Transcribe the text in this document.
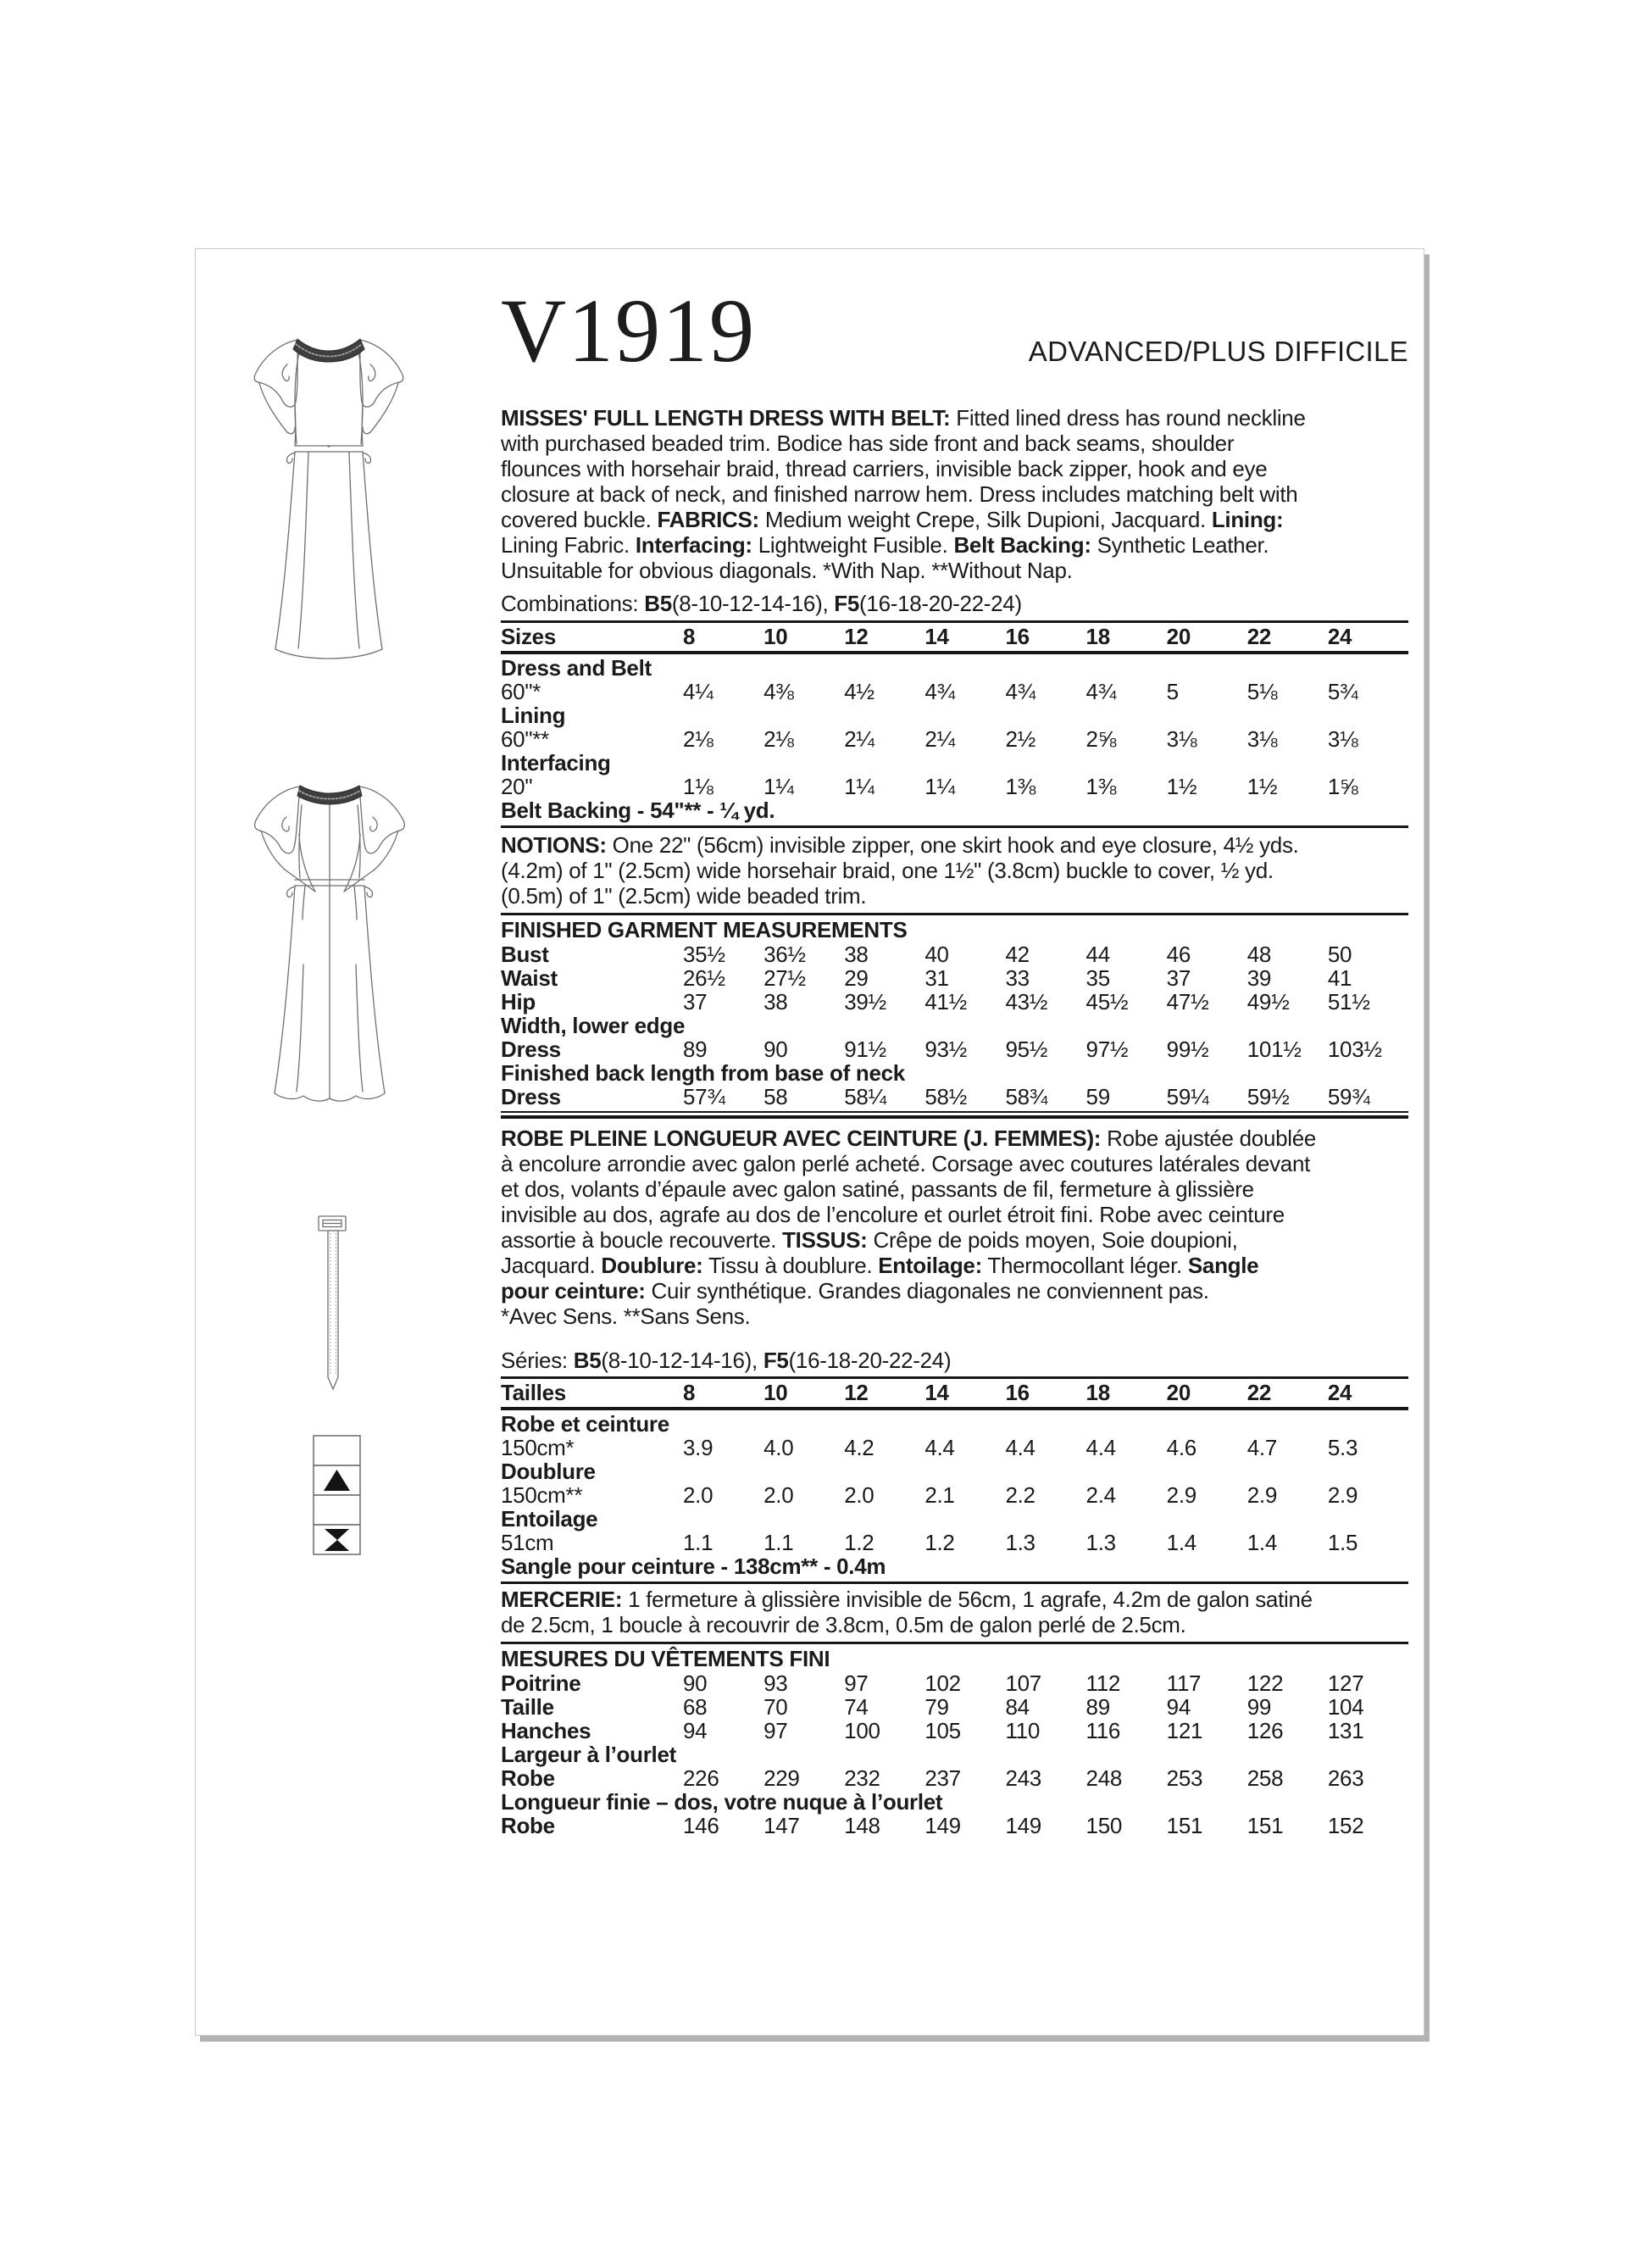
V1919	ADVANCED/PLUS DIFFICILE
MISSES' FULL LENGTH DRESS WITH BELT: Fitted lined dress has round neckline
with purchased beaded trim. Bodice has side front and back seams, shoulder
flounces with horsehair braid, thread carriers, invisible back zipper, hook and eye
closure at back of neck, and finished narrow hem. Dress includes matching belt with
covered buckle. FABRICS: Medium weight Crepe, Silk Dupioni, Jacquard. Lining:
Lining Fabric. Interfacing: Lightweight Fusible. Belt Backing: Synthetic Leather.
Unsuitable for obvious diagonals. *With Nap. **Without Nap.
Combinations: B5(8-10-12-14-16), F5(16-18-20-22-24)
Sizes	8	10	12	14	16	18	20	22	24
Dress and Belt
60"*	4¼	4⅜	4½	4¾	4¾	4¾	5	5⅛	5¾
Lining
60"**	2⅛	2⅛	2¼	2¼	2½	2⅝	3⅛	3⅛	3⅛
Interfacing
20"	1⅛	1¼	1¼	1¼	1⅜	1⅜	1½	1½	1⅝
Belt Backing - 54"** - ¼ yd.
NOTIONS: One 22" (56cm) invisible zipper, one skirt hook and eye closure, 4½ yds.
(4.2m) of 1" (2.5cm) wide horsehair braid, one 1½" (3.8cm) buckle to cover, ½ yd.
(0.5m) of 1" (2.5cm) wide beaded trim.
FINISHED GARMENT MEASUREMENTS
Bust	35½	36½	38	40	42	44	46	48	50
Waist	26½	27½	29	31	33	35	37	39	41
Hip	37	38	39½	41½	43½	45½	47½	49½	51½
Width, lower edge
Dress	89	90	91½	93½	95½	97½	99½	101½	103½
Finished back length from base of neck
Dress	57¾	58	58¼	58½	58¾	59	59¼	59½	59¾
ROBE PLEINE LONGUEUR AVEC CEINTURE (J. FEMMES): Robe ajustée doublée
à encolure arrondie avec galon perlé acheté. Corsage avec coutures latérales devant
et dos, volants d’épaule avec galon satiné, passants de fil, fermeture à glissière
invisible au dos, agrafe au dos de l’encolure et ourlet étroit fini. Robe avec ceinture
assortie à boucle recouverte. TISSUS: Crêpe de poids moyen, Soie doupioni,
Jacquard. Doublure: Tissu à doublure. Entoilage: Thermocollant léger. Sangle
pour ceinture: Cuir synthétique. Grandes diagonales ne conviennent pas.
*Avec Sens. **Sans Sens.
Séries: B5(8-10-12-14-16), F5(16-18-20-22-24)
Tailles	8	10	12	14	16	18	20	22	24
Robe et ceinture
150cm*	3.9	4.0	4.2	4.4	4.4	4.4	4.6	4.7	5.3
Doublure
150cm**	2.0	2.0	2.0	2.1	2.2	2.4	2.9	2.9	2.9
Entoilage
51cm	1.1	1.1	1.2	1.2	1.3	1.3	1.4	1.4	1.5
Sangle pour ceinture - 138cm** - 0.4m
MERCERIE: 1 fermeture à glissière invisible de 56cm, 1 agrafe, 4.2m de galon satiné
de 2.5cm, 1 boucle à recouvrir de 3.8cm, 0.5m de galon perlé de 2.5cm.
MESURES DU VÊTEMENTS FINI
Poitrine	90	93	97	102	107	112	117	122	127
Taille	68	70	74	79	84	89	94	99	104
Hanches	94	97	100	105	110	116	121	126	131
Largeur à l’ourlet
Robe	226	229	232	237	243	248	253	258	263
Longueur finie – dos, votre nuque à l’ourlet
Robe	146	147	148	149	149	150	151	151	152
